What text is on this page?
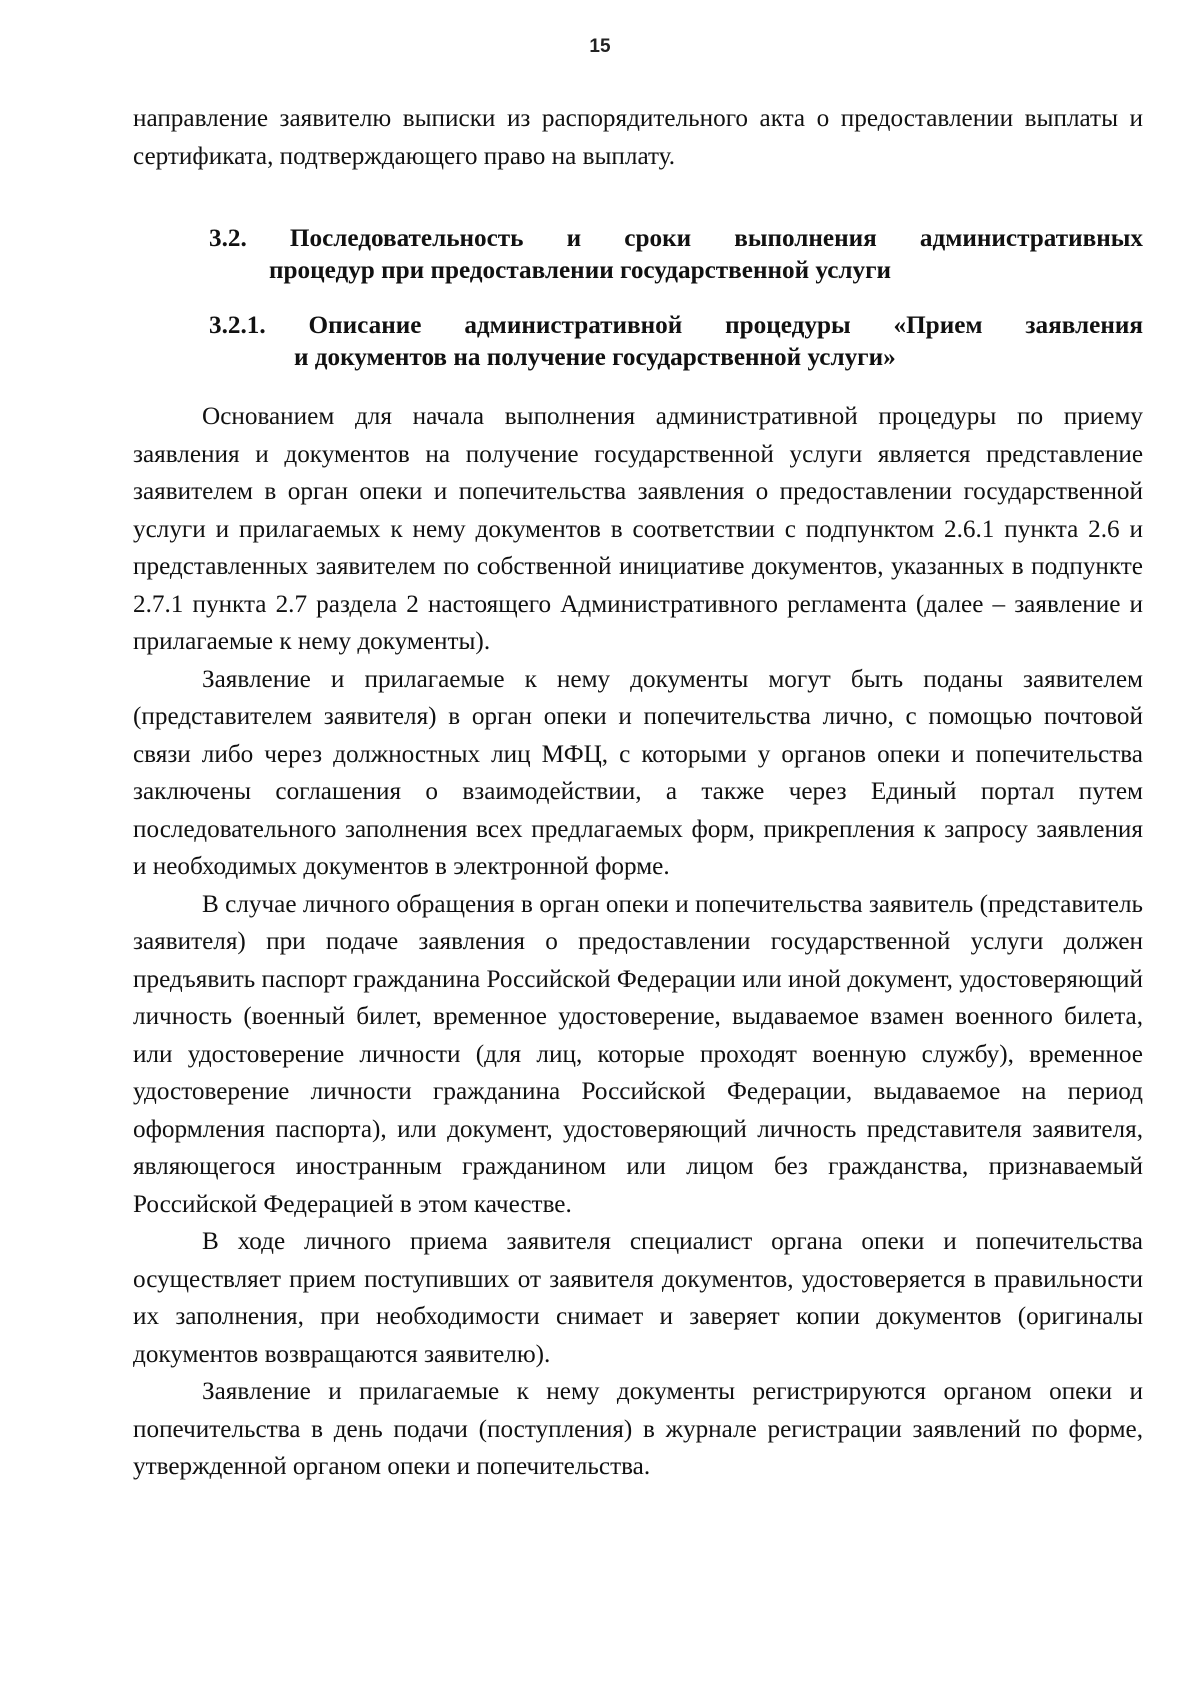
15

направление заявителю выписки из распорядительного акта о предоставлении выплаты и сертификата, подтверждающего право на выплату.

3.2. Последовательность и сроки выполнения административных
процедур при предоставлении государственной услуги
3.2.1. Описание административной процедуры «Прием заявления
и документов на получение государственной услуги»

Основанием для начала выполнения административной процедуры по приему заявления и документов на получение государственной услуги является представление заявителем в орган опеки и попечительства заявления о предоставлении государственной услуги и прилагаемых к нему документов в соответствии с подпунктом 2.6.1 пункта 2.6 и представленных заявителем по собственной инициативе документов, указанных в подпункте 2.7.1 пункта 2.7 раздела 2 настоящего Административного регламента (далее – заявление и прилагаемые к нему документы).

Заявление и прилагаемые к нему документы могут быть поданы заявителем (представителем заявителя) в орган опеки и попечительства лично, с помощью почтовой связи либо через должностных лиц МФЦ, с которыми у органов опеки и попечительства заключены соглашения о взаимодействии, а также через Единый портал путем последовательного заполнения всех предлагаемых форм, прикрепления к запросу заявления и необходимых документов в электронной форме.

В случае личного обращения в орган опеки и попечительства заявитель (представитель заявителя) при подаче заявления о предоставлении государственной услуги должен предъявить паспорт гражданина Российской Федерации или иной документ, удостоверяющий личность (военный билет, временное удостоверение, выдаваемое взамен военного билета, или удостоверение личности (для лиц, которые проходят военную службу), временное удостоверение личности гражданина Российской Федерации, выдаваемое на период оформления паспорта), или документ, удостоверяющий личность представителя заявителя, являющегося иностранным гражданином или лицом без гражданства, признаваемый Российской Федерацией в этом качестве.

В ходе личного приема заявителя специалист органа опеки и попечительства осуществляет прием поступивших от заявителя документов, удостоверяется в правильности их заполнения, при необходимости снимает и заверяет копии документов (оригиналы документов возвращаются заявителю).

Заявление и прилагаемые к нему документы регистрируются органом опеки и попечительства в день подачи (поступления) в журнале регистрации заявлений по форме, утвержденной органом опеки и попечительства.
